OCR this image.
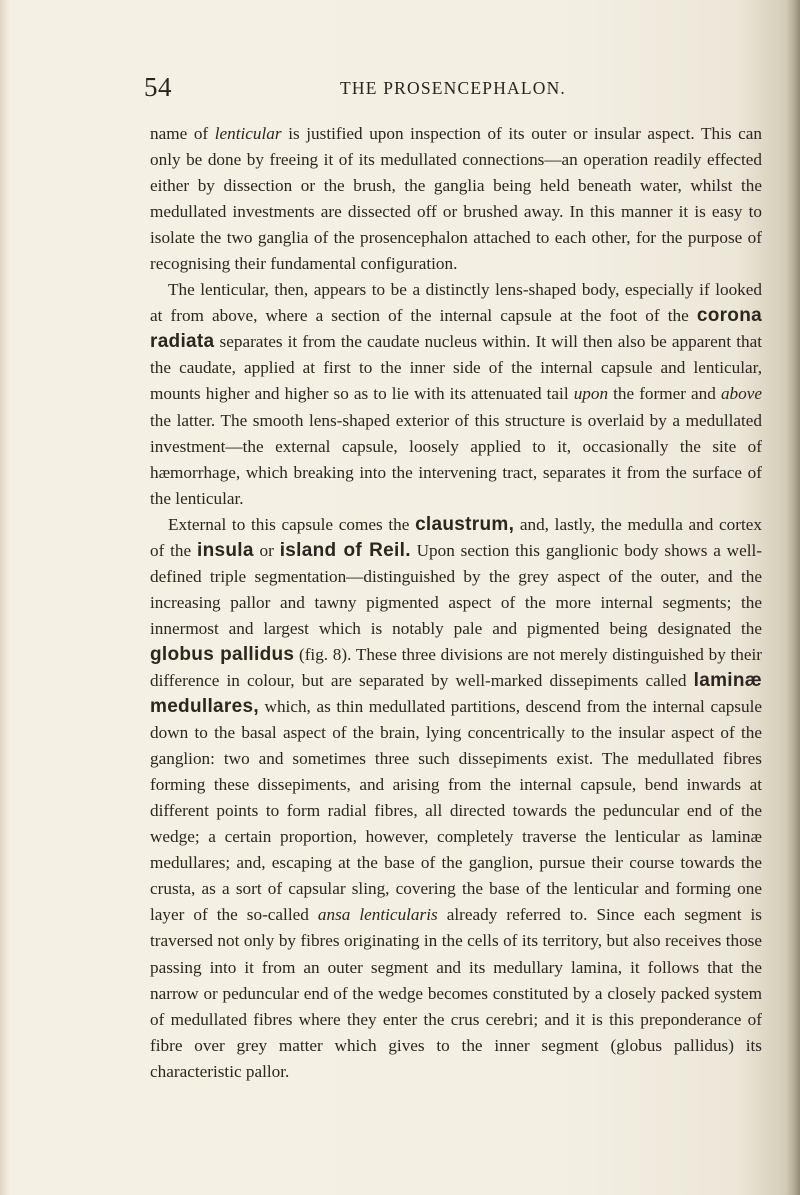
54	THE PROSENCEPHALON.

name of lenticular is justified upon inspection of its outer or insular aspect. This can only be done by freeing it of its medullated connections—an operation readily effected either by dissection or the brush, the ganglia being held beneath water, whilst the medullated investments are dissected off or brushed away. In this manner it is easy to isolate the two ganglia of the prosencephalon attached to each other, for the purpose of recognising their fundamental configuration.

The lenticular, then, appears to be a distinctly lens-shaped body, especially if looked at from above, where a section of the internal capsule at the foot of the corona radiata separates it from the caudate nucleus within. It will then also be apparent that the caudate, applied at first to the inner side of the internal capsule and lenticular, mounts higher and higher so as to lie with its attenuated tail upon the former and above the latter. The smooth lens-shaped exterior of this structure is overlaid by a medullated investment—the external capsule, loosely applied to it, occasionally the site of hæmorrhage, which breaking into the intervening tract, separates it from the surface of the lenticular.

External to this capsule comes the claustrum, and, lastly, the medulla and cortex of the insula or island of Reil. Upon section this ganglionic body shows a well-defined triple segmentation—distinguished by the grey aspect of the outer, and the increasing pallor and tawny pigmented aspect of the more internal segments; the innermost and largest which is notably pale and pigmented being designated the globus pallidus (fig. 8). These three divisions are not merely distinguished by their difference in colour, but are separated by well-marked dissepiments called laminæ medullares, which, as thin medullated partitions, descend from the internal capsule down to the basal aspect of the brain, lying concentrically to the insular aspect of the ganglion: two and sometimes three such dissepiments exist. The medullated fibres forming these dissepiments, and arising from the internal capsule, bend inwards at different points to form radial fibres, all directed towards the peduncular end of the wedge; a certain proportion, however, completely traverse the lenticular as laminæ medullares; and, escaping at the base of the ganglion, pursue their course towards the crusta, as a sort of capsular sling, covering the base of the lenticular and forming one layer of the so-called ansa lenticularis already referred to. Since each segment is traversed not only by fibres originating in the cells of its territory, but also receives those passing into it from an outer segment and its medullary lamina, it follows that the narrow or peduncular end of the wedge becomes constituted by a closely packed system of medullated fibres where they enter the crus cerebri; and it is this preponderance of fibre over grey matter which gives to the inner segment (globus pallidus) its characteristic pallor.
